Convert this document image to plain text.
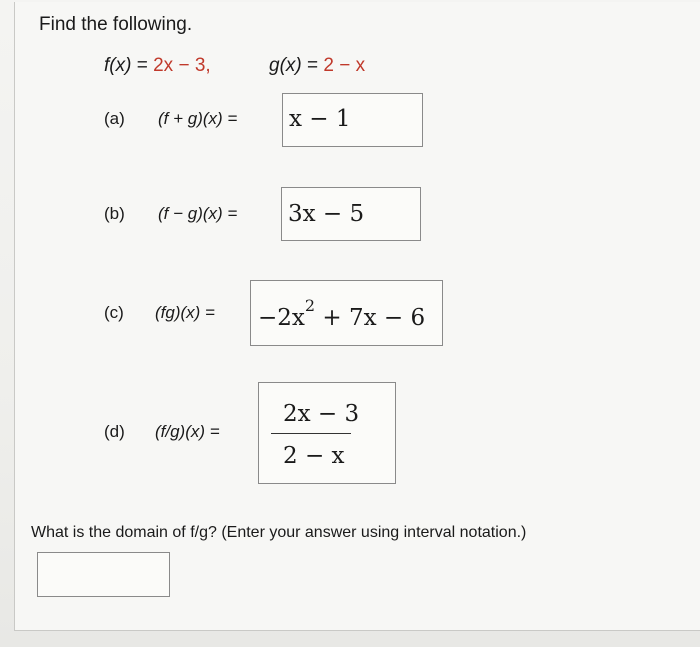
Find the following.
f(x) = 2x − 3,	g(x) = 2 − x
(a) (f + g)(x) = x − 1
(b) (f − g)(x) = 3x − 5
(c) $(fg)(x) = -2x^2 + 7x - 6$
(d) (f/g)(x) =
2x − 3
2 − x
What is the domain of f/g? (Enter your answer using interval notation.)
